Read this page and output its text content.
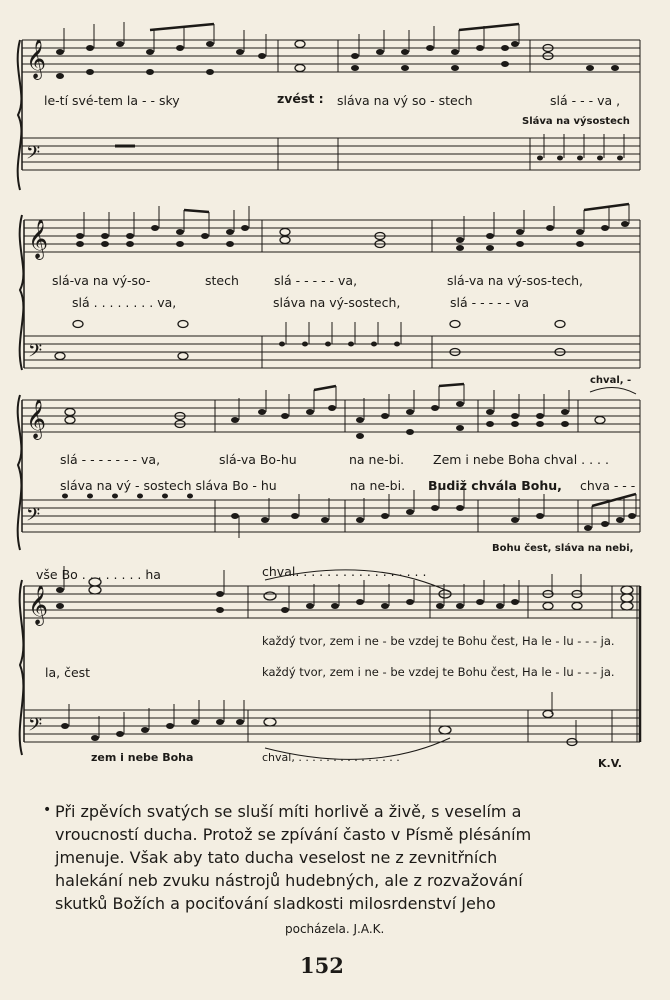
𝄞
𝄢
le-tí své-tem la - - sky	zvést : sláva na vý so - stech	slá - - - va ,
Sláva na výsostech
𝄞
𝄢
slá-va na vý-so-	stech	slá - - - - - va,	slá-va na vý-sos-tech,
slá . . . . . . . . va,	sláva na vý-sostech,	slá - - - - - va
𝄞
𝄢
chval, -
slá - - - - - - - va,	slá-va Bo-hu	na ne-bi. Zem i nebe Boha chval . . . .
sláva na vý - sostech sláva Bo - hu	na ne-bi. Budiž chvála Bohu, chva - - -
Bohu čest, sláva na nebi,
𝄞
𝄢
vše Bo . . . . . . . . ha	chval. . . . . . . . . . . . . . . . .
každý tvor, zem i ne - be vzdej te Bohu čest, Ha le - lu - - - ja.
la, čest	každý tvor, zem i ne - be vzdej te Bohu čest, Ha le - lu - - - ja.
zem i nebe Boha	chval, . . . . . . . . . . . . . . .	K.V.
• Při zpěvích svatých se sluší míti horlivě a živě, s veselím a
vroucností ducha. Protož se zpívání často v Písmě plésáním
jmenuje. Však aby tato ducha veselost ne z zevnitřních
halekání neb zvuku nástrojů hudebných, ale z rozvažování
skutků Božích a pociťování sladkosti milosrdenství Jeho
pocházela. J.A.K.
152
